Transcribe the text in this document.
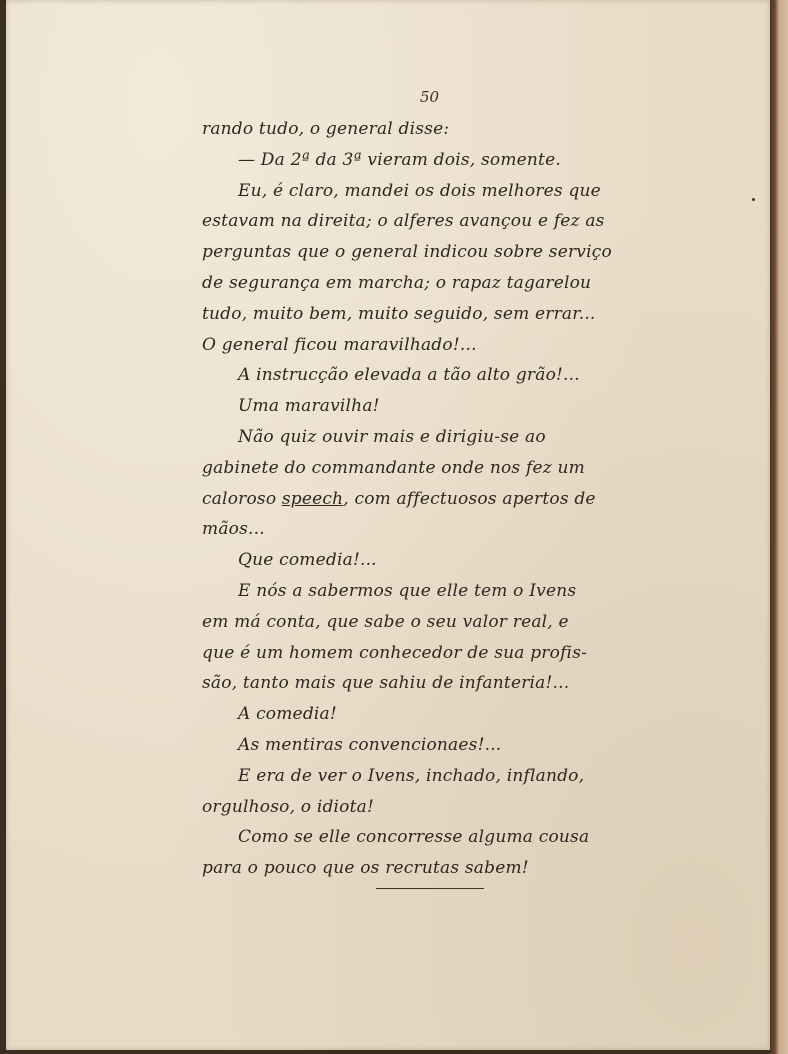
50
rando tudo, o general disse:
— Da 2ª da 3ª vieram dois, somente.
Eu, é claro, mandei os dois melhores que
estavam na direita; o alferes avançou e fez as
perguntas que o general indicou sobre serviço
de segurança em marcha; o rapaz tagarelou
tudo, muito bem, muito seguido, sem errar...
O general ficou maravilhado!...
A instrucção elevada a tão alto grão!...
Uma maravilha!
Não quiz ouvir mais e dirigiu-se ao
gabinete do commandante onde nos fez um
caloroso speech, com affectuosos apertos de
mãos...
Que comedia!...
E nós a sabermos que elle tem o Ivens
em má conta, que sabe o seu valor real, e
que é um homem conhecedor de sua profis-
são, tanto mais que sahiu de infanteria!...
A comedia!
As mentiras convencionaes!...
E era de ver o Ivens, inchado, inflando,
orgulhoso, o idiota!
Como se elle concorresse alguma cousa
para o pouco que os recrutas sabem!
